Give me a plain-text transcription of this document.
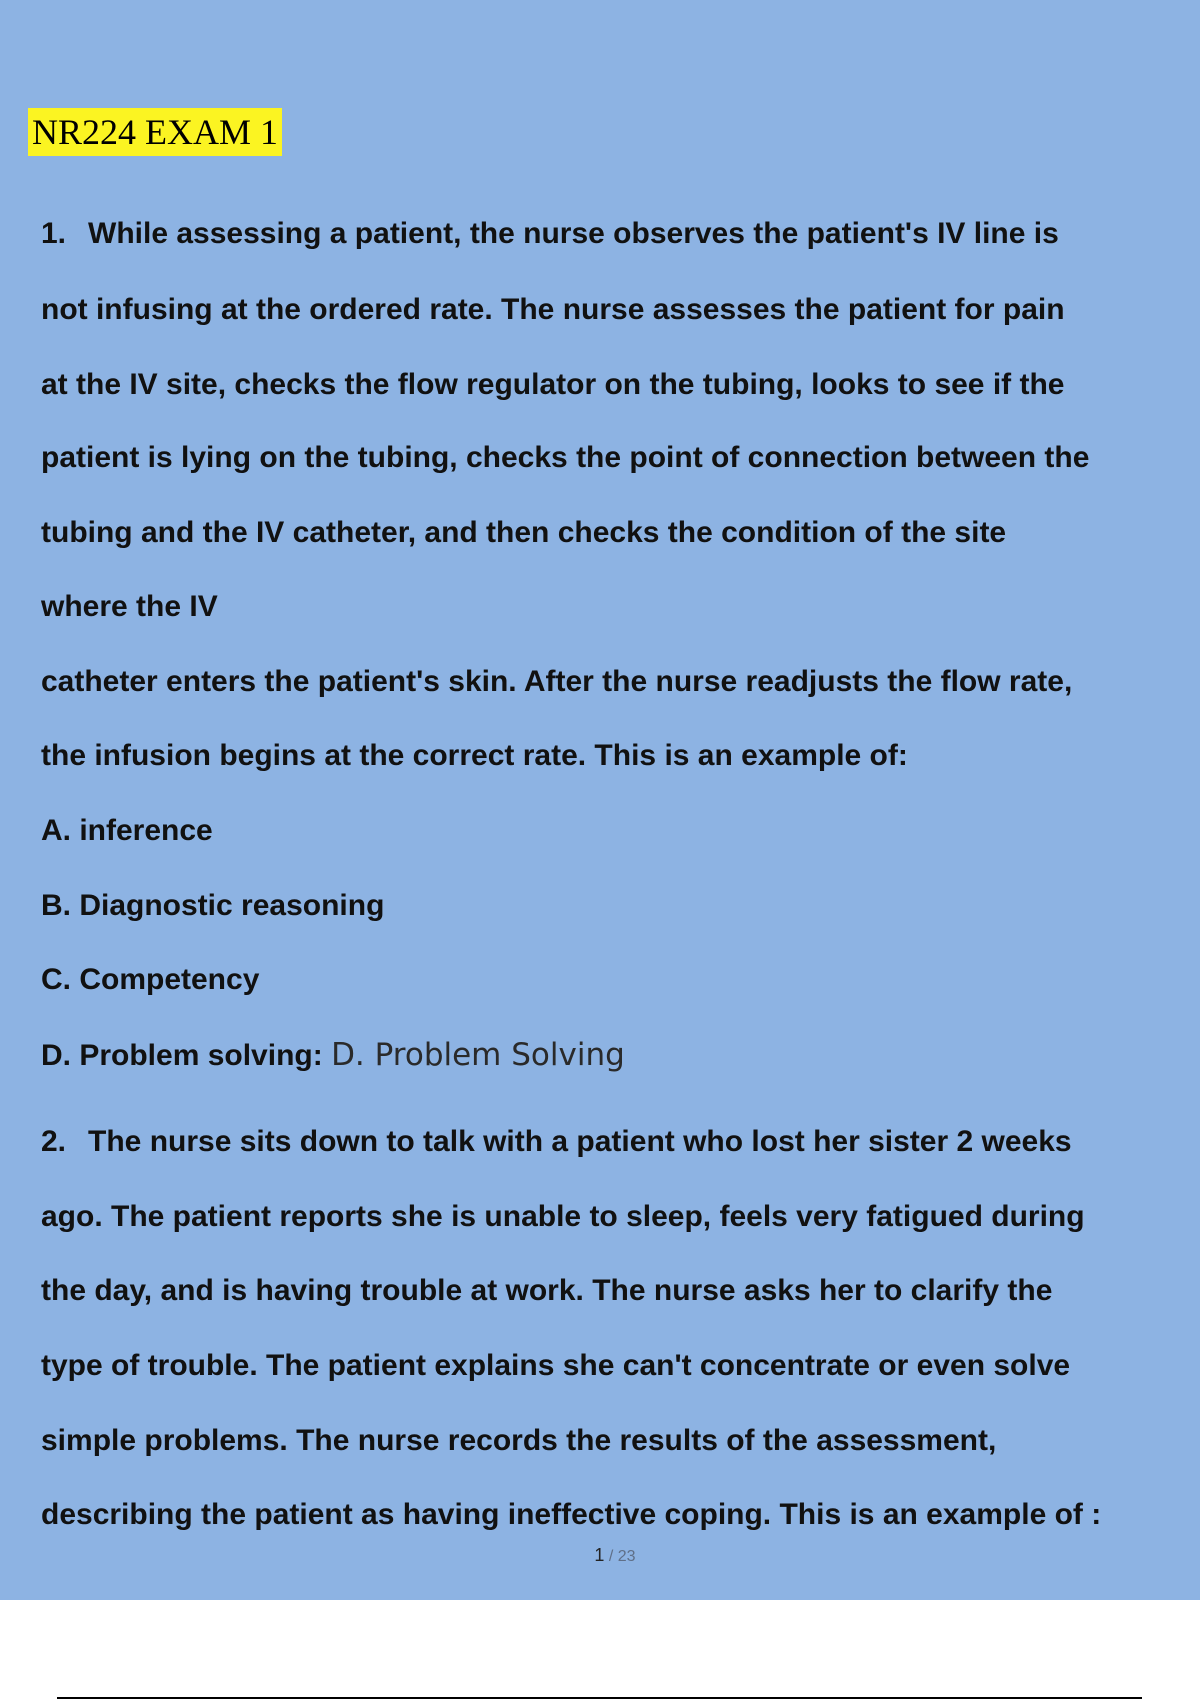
NR224 EXAM 1
1. While assessing a patient, the nurse observes the patient's IV line is
not infusing at the ordered rate. The nurse assesses the patient for pain
at the IV site, checks the flow regulator on the tubing, looks to see if the
patient is lying on the tubing, checks the point of connection between the
tubing and the IV catheter, and then checks the condition of the site
where the IV
catheter enters the patient's skin. After the nurse readjusts the flow rate,
the infusion begins at the correct rate. This is an example of:
A. inference
B. Diagnostic reasoning
C. Competency
D. Problem solving: D. Problem Solving
2. The nurse sits down to talk with a patient who lost her sister 2 weeks
ago. The patient reports she is unable to sleep, feels very fatigued during
the day, and is having trouble at work. The nurse asks her to clarify the
type of trouble. The patient explains she can't concentrate or even solve
simple problems. The nurse records the results of the assessment,
describing the patient as having ineffective coping. This is an example of :
1 / 23
